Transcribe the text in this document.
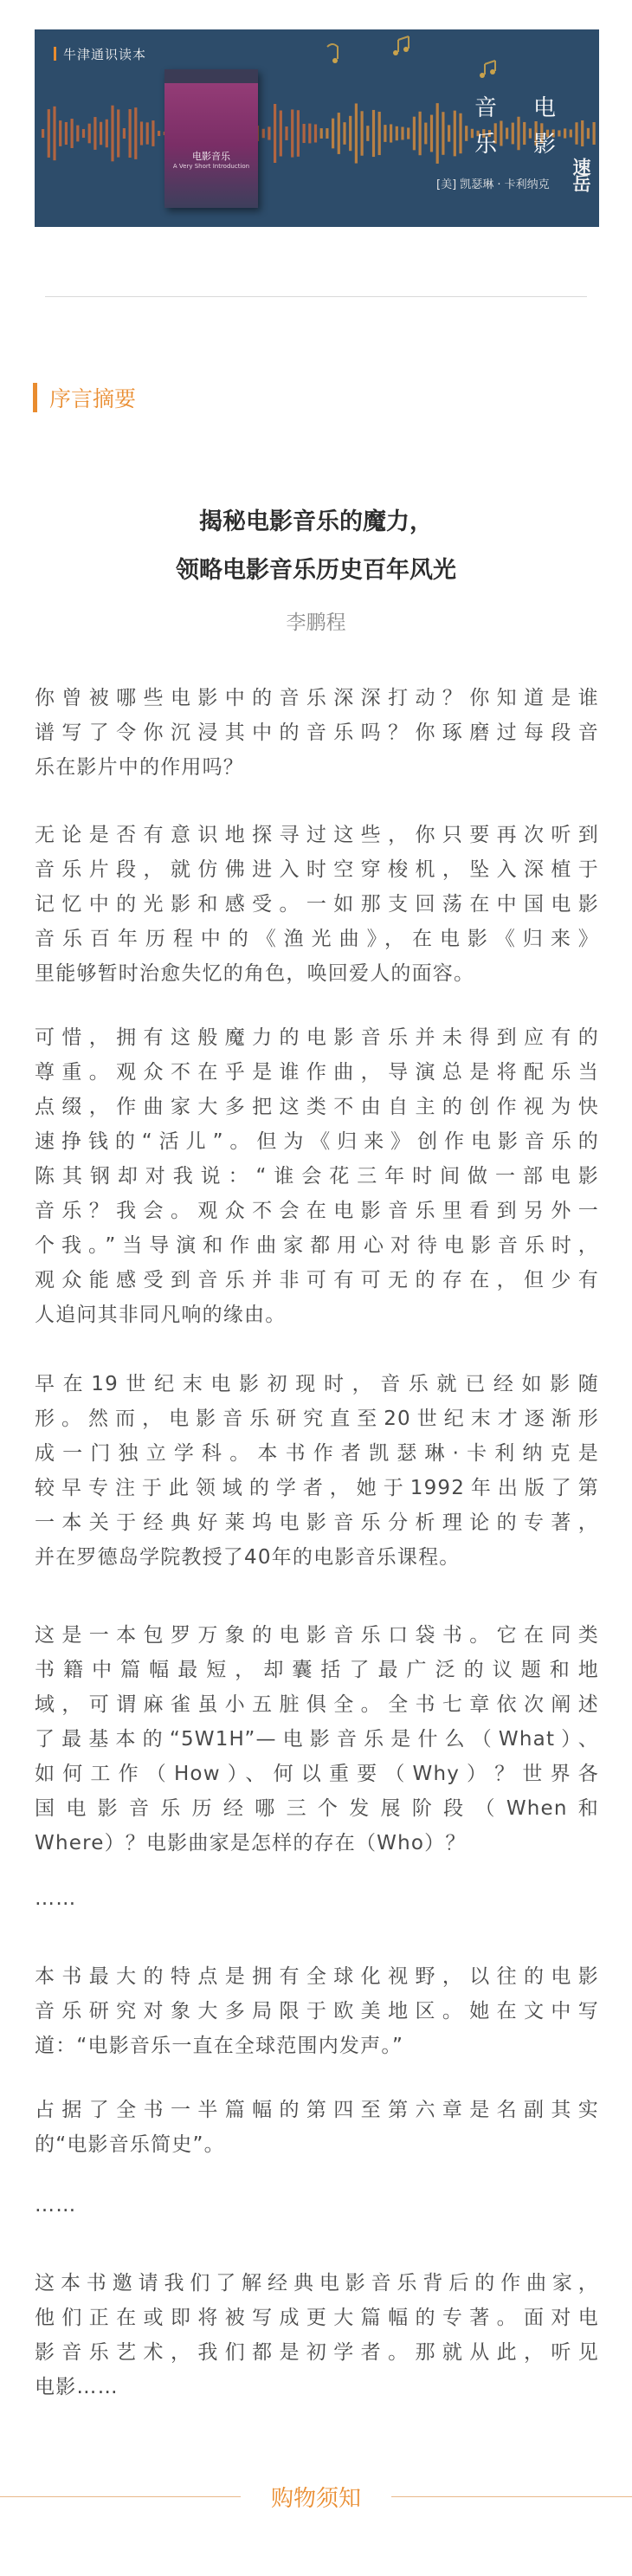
牛津通识读本
电影音乐
A Very Short Introduction
音 电
乐 影
[美] 凯瑟琳 · 卡利纳克 速岳
序言摘要
揭秘电影音乐的魔力，
领略电影音乐历史百年风光
李鹏程
你曾被哪些电影中的音乐深深打动？你知道是谁
谱写了令你沉浸其中的音乐吗？你琢磨过每段音
乐在影片中的作用吗？
无论是否有意识地探寻过这些，你只要再次听到
音乐片段，就仿佛进入时空穿梭机，坠入深植于
记忆中的光影和感受。一如那支回荡在中国电影
音乐百年历程中的《渔光曲》，在电影《归来》
里能够暂时治愈失忆的角色，唤回爱人的面容。
可惜，拥有这般魔力的电影音乐并未得到应有的
尊重。观众不在乎是谁作曲，导演总是将配乐当
点缀，作曲家大多把这类不由自主的创作视为快
速挣钱的“活儿”。但为《归来》创作电影音乐的
陈其钢却对我说：“谁会花三年时间做一部电影
音乐？我会。观众不会在电影音乐里看到另外一
个我。”当导演和作曲家都用心对待电影音乐时，
观众能感受到音乐并非可有可无的存在，但少有
人追问其非同凡响的缘由。
早在19世纪末电影初现时，音乐就已经如影随
形。然而，电影音乐研究直至20世纪末才逐渐形
成一门独立学科。本书作者凯瑟琳·卡利纳克是
较早专注于此领域的学者，她于1992年出版了第
一本关于经典好莱坞电影音乐分析理论的专著，
并在罗德岛学院教授了40年的电影音乐课程。
这是一本包罗万象的电影音乐口袋书。它在同类
书籍中篇幅最短，却囊括了最广泛的议题和地
域，可谓麻雀虽小五脏俱全。全书七章依次阐述
了最基本的“5W1H”—电影音乐是什么（What）、
如何工作（How）、何以重要（Why）？世界各
国电影音乐历经哪三个发展阶段（When和
Where）？电影曲家是怎样的存在（Who）？
……
本书最大的特点是拥有全球化视野，以往的电影
音乐研究对象大多局限于欧美地区。她在文中写
道：“电影音乐一直在全球范围内发声。”
占据了全书一半篇幅的第四至第六章是名副其实
的“电影音乐简史”。
……
这本书邀请我们了解经典电影音乐背后的作曲家，
他们正在或即将被写成更大篇幅的专著。面对电
影音乐艺术，我们都是初学者。那就从此，听见
电影……
购物须知
